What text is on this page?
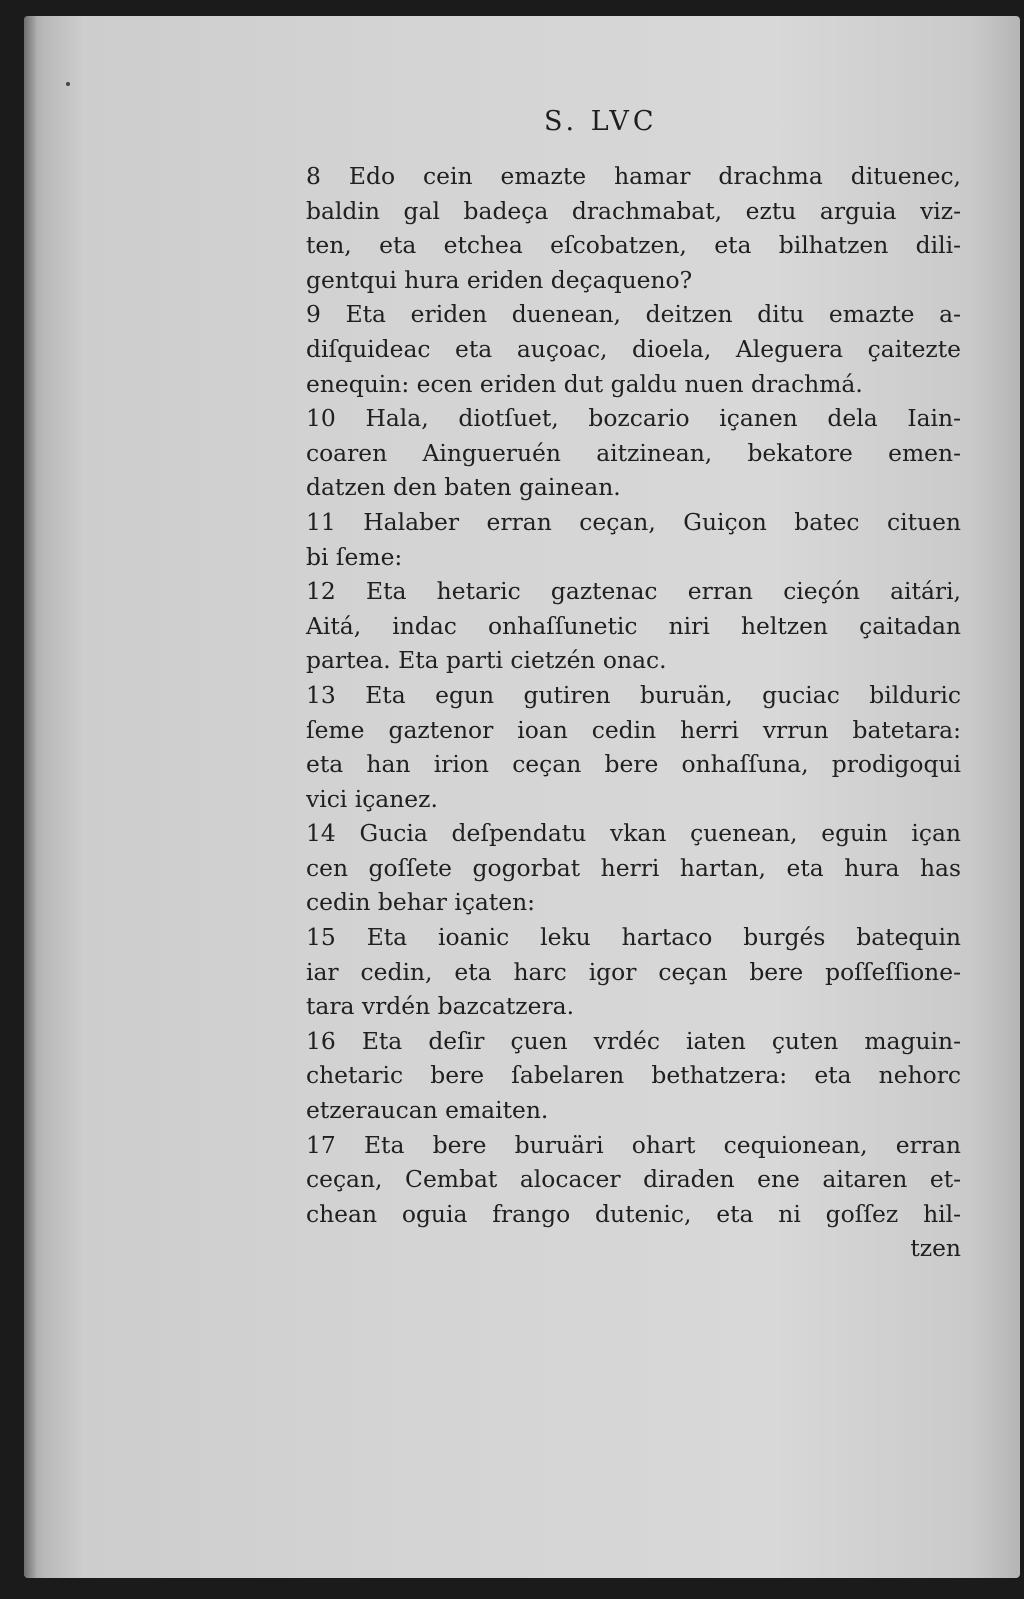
S. LVC
8 Edo cein emazte hamar drachma dituenec,
baldin gal badeça drachmabat, eztu arguia viz-
ten, eta etchea eſcobatzen, eta bilhatzen dili-
gentqui hura eriden deçaqueno?
9 Eta eriden duenean, deitzen ditu emazte a-
diſquideac eta auçoac, dioela, Aleguera çaitezte
enequin: ecen eriden dut galdu nuen drachmá.
10 Hala, diotſuet, bozcario içanen dela Iain-
coaren Aingueruén aitzinean, bekatore emen-
datzen den baten gainean.
11 Halaber erran ceçan, Guiçon batec cituen
bi ſeme:
12 Eta hetaric gaztenac erran cieçón aitári,
Aitá, indac onhaſſunetic niri heltzen çaitadan
partea. Eta parti cietzén onac.
13 Eta egun gutiren buruän, guciac bilduric
ſeme gaztenor ioan cedin herri vrrun batetara:
eta han irion ceçan bere onhaſſuna, prodigoqui
vici içanez.
14 Gucia deſpendatu vkan çuenean, eguin içan
cen goſſete gogorbat herri hartan, eta hura has
cedin behar içaten:
15 Eta ioanic leku hartaco burgés batequin
iar cedin, eta harc igor ceçan bere poſſeſſione-
tara vrdén bazcatzera.
16 Eta deſir çuen vrdéc iaten çuten maguin-
chetaric bere ſabelaren bethatzera: eta nehorc
etzeraucan emaiten.
17 Eta bere buruäri ohart cequionean, erran
ceçan, Cembat alocacer diraden ene aitaren et-
chean oguia frango dutenic, eta ni goſſez hil-
tzen
